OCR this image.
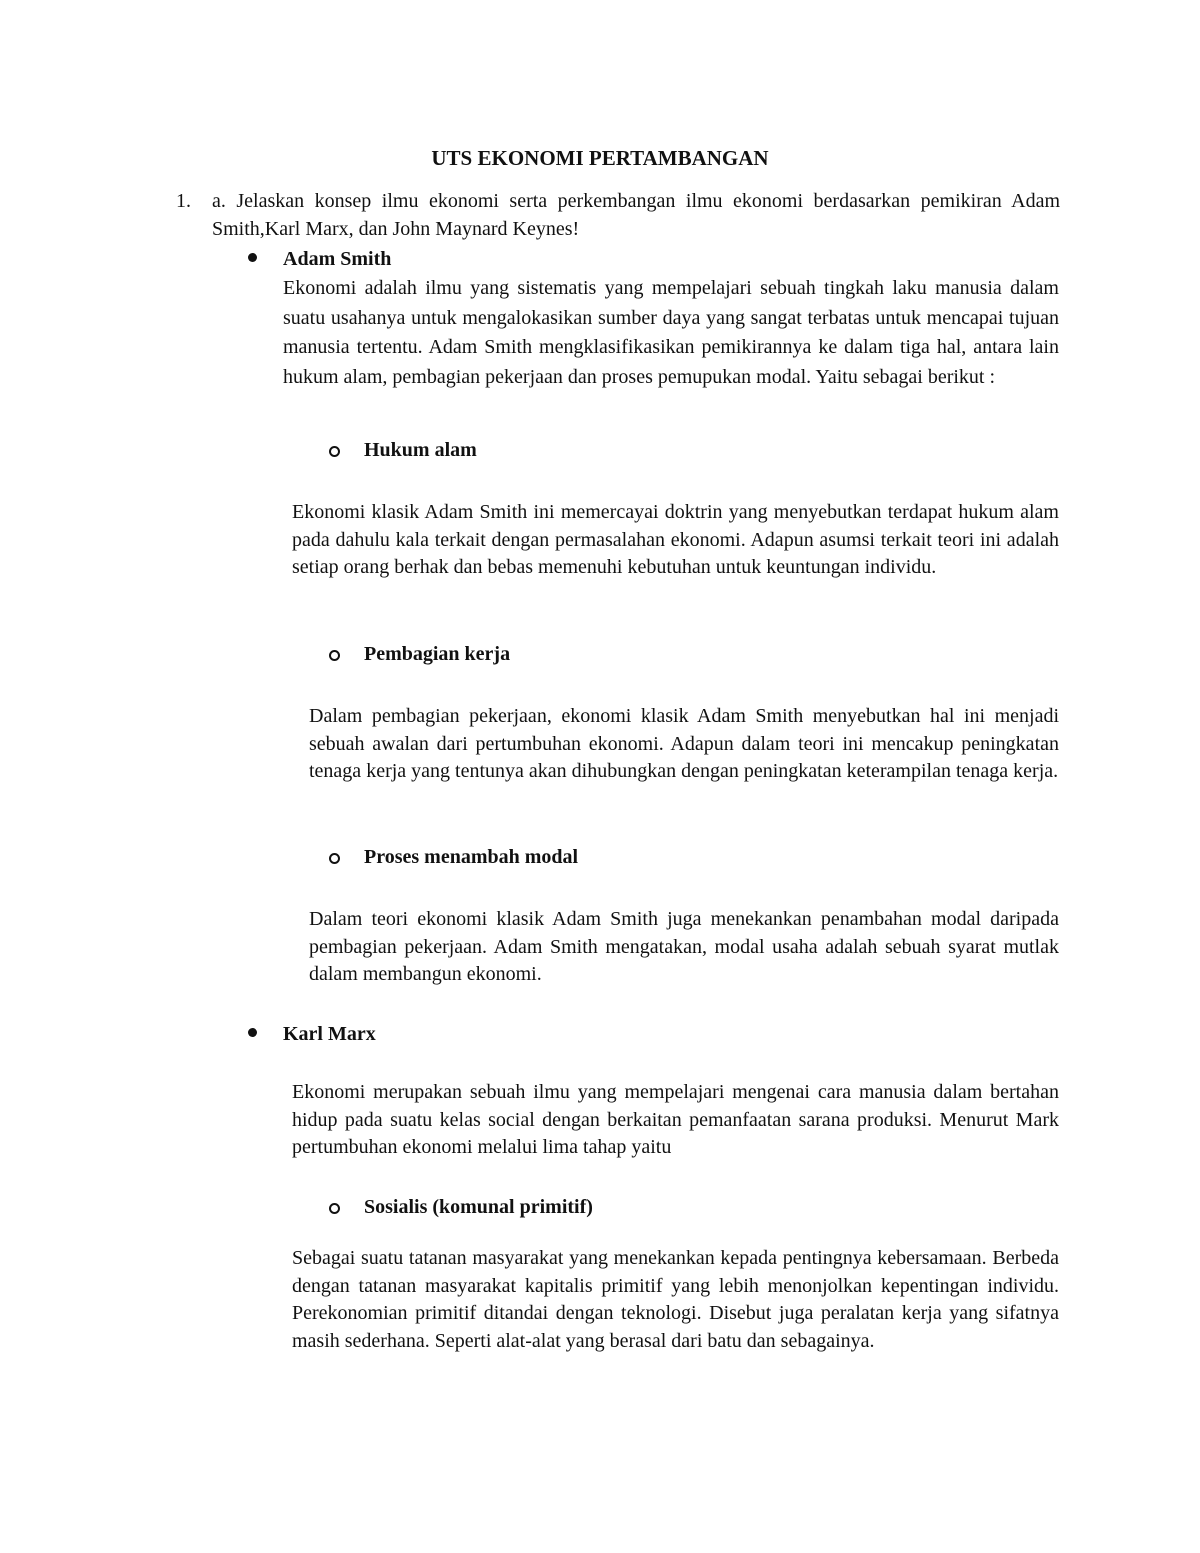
UTS EKONOMI PERTAMBANGAN
1. a. Jelaskan konsep ilmu ekonomi serta perkembangan ilmu ekonomi berdasarkan pemikiran Adam Smith,Karl Marx, dan John Maynard Keynes!
Adam Smith
Ekonomi adalah ilmu yang sistematis yang mempelajari sebuah tingkah laku manusia dalam suatu usahanya untuk mengalokasikan sumber daya yang sangat terbatas untuk mencapai tujuan manusia tertentu. Adam Smith mengklasifikasikan pemikirannya ke dalam tiga hal, antara lain hukum alam, pembagian pekerjaan dan proses pemupukan modal. Yaitu sebagai berikut :
Hukum alam
Ekonomi klasik Adam Smith ini memercayai doktrin yang menyebutkan terdapat hukum alam pada dahulu kala terkait dengan permasalahan ekonomi. Adapun asumsi terkait teori ini adalah setiap orang berhak dan bebas memenuhi kebutuhan untuk keuntungan individu.
Pembagian kerja
Dalam pembagian pekerjaan, ekonomi klasik Adam Smith menyebutkan hal ini menjadi sebuah awalan dari pertumbuhan ekonomi. Adapun dalam teori ini mencakup peningkatan tenaga kerja yang tentunya akan dihubungkan dengan peningkatan keterampilan tenaga kerja.
Proses menambah modal
Dalam teori ekonomi klasik Adam Smith juga menekankan penambahan modal daripada pembagian pekerjaan. Adam Smith mengatakan, modal usaha adalah sebuah syarat mutlak dalam membangun ekonomi.
Karl Marx
Ekonomi merupakan sebuah ilmu yang mempelajari mengenai cara manusia dalam bertahan hidup pada suatu kelas social dengan berkaitan pemanfaatan sarana produksi. Menurut Mark pertumbuhan ekonomi melalui lima tahap yaitu
Sosialis (komunal primitif)
Sebagai suatu tatanan masyarakat yang menekankan kepada pentingnya kebersamaan. Berbeda dengan tatanan masyarakat kapitalis primitif yang lebih menonjolkan kepentingan individu. Perekonomian primitif ditandai dengan teknologi. Disebut juga peralatan kerja yang sifatnya masih sederhana. Seperti alat-alat yang berasal dari batu dan sebagainya.
